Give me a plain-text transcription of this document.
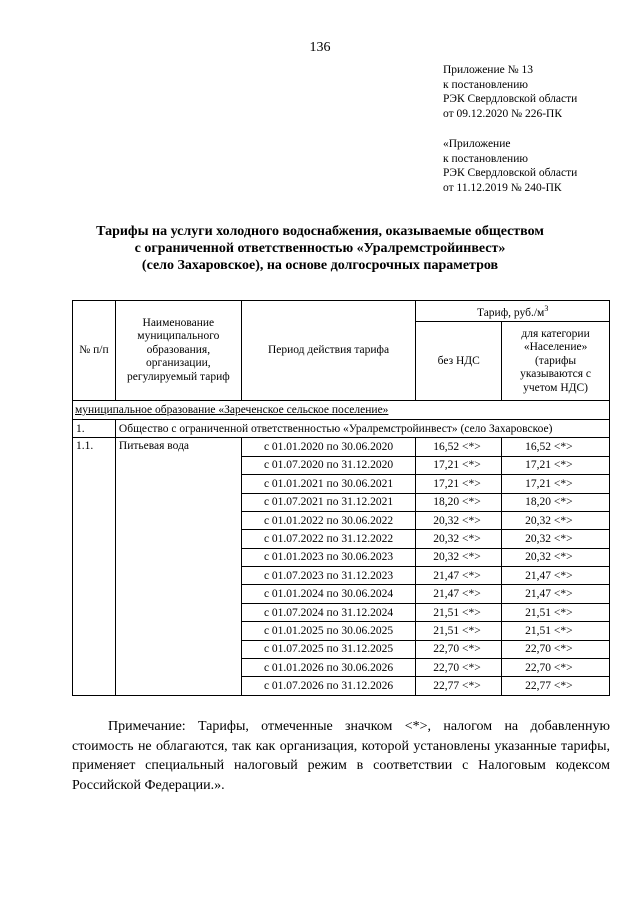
136
Приложение № 13
к постановлению
РЭК Свердловской области
от 09.12.2020 № 226-ПК
«Приложение
к постановлению
РЭК Свердловской области
от 11.12.2019 № 240-ПК
Тарифы на услуги холодного водоснабжения, оказываемые обществом
с ограниченной ответственностью «Уралремстройинвест»
(село Захаровское), на основе долгосрочных параметров
№ п/п	Наименование муниципального образования, организации, регулируемый тариф	Период действия тарифа	Тариф, $руб./м^3$
			без НДС	для категории «Население» (тарифы указываются с учетом НДС)
муниципальное образование «Зареченское сельское поселение»				
1.	Общество с ограниченной ответственностью «Уралремстройинвест» (село Захаровское)			
1.1.	Питьевая вода	с 01.01.2020 по 30.06.2020	16,52 <*>	16,52 <*>
		с 01.07.2020 по 31.12.2020	17,21 <*>	17,21 <*>
		с 01.01.2021 по 30.06.2021	17,21 <*>	17,21 <*>
		с 01.07.2021 по 31.12.2021	18,20 <*>	18,20 <*>
		с 01.01.2022 по 30.06.2022	20,32 <*>	20,32 <*>
		с 01.07.2022 по 31.12.2022	20,32 <*>	20,32 <*>
		с 01.01.2023 по 30.06.2023	20,32 <*>	20,32 <*>
		с 01.07.2023 по 31.12.2023	21,47 <*>	21,47 <*>
		с 01.01.2024 по 30.06.2024	21,47 <*>	21,47 <*>
		с 01.07.2024 по 31.12.2024	21,51 <*>	21,51 <*>
		с 01.01.2025 по 30.06.2025	21,51 <*>	21,51 <*>
		с 01.07.2025 по 31.12.2025	22,70 <*>	22,70 <*>
		с 01.01.2026 по 30.06.2026	22,70 <*>	22,70 <*>
		с 01.07.2026 по 31.12.2026	22,77 <*>	22,77 <*>
Примечание: Тарифы, отмеченные значком <*>, налогом на добавленную стоимость не облагаются, так как организация, которой установлены указанные тарифы, применяет специальный налоговый режим в соответствии с Налоговым кодексом Российской Федерации.».
